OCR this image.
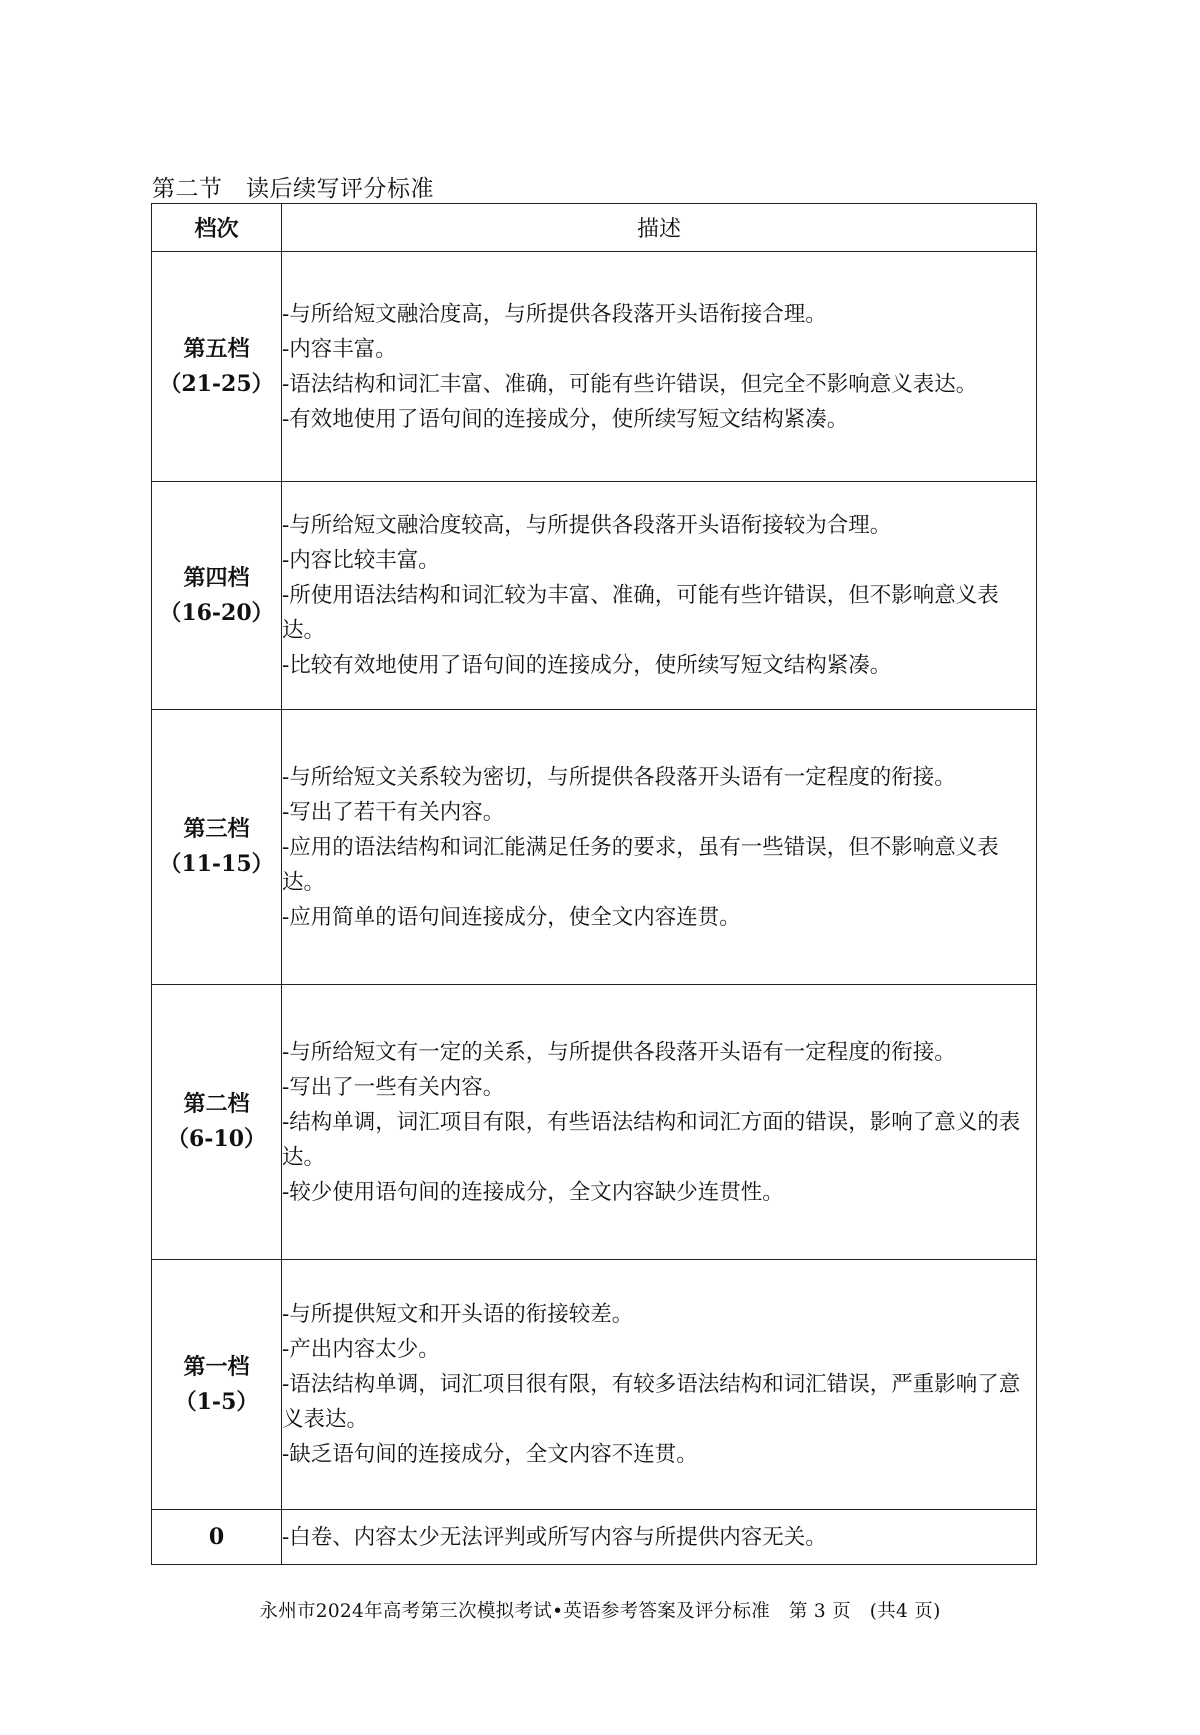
第二节　读后续写评分标准
档次	描述

第五档
（21-25）	-与所给短文融洽度高，与所提供各段落开头语衔接合理。
-内容丰富。
-语法结构和词汇丰富、准确，可能有些许错误，但完全不影响意义表达。
-有效地使用了语句间的连接成分，使所续写短文结构紧凑。

第四档
（16-20）	-与所给短文融洽度较高，与所提供各段落开头语衔接较为合理。
-内容比较丰富。
-所使用语法结构和词汇较为丰富、准确，可能有些许错误，但不影响意义表达。
-比较有效地使用了语句间的连接成分，使所续写短文结构紧凑。

第三档
（11-15）	-与所给短文关系较为密切，与所提供各段落开头语有一定程度的衔接。
-写出了若干有关内容。
-应用的语法结构和词汇能满足任务的要求，虽有一些错误，但不影响意义表达。
-应用简单的语句间连接成分，使全文内容连贯。

第二档
（6-10）	-与所给短文有一定的关系，与所提供各段落开头语有一定程度的衔接。
-写出了一些有关内容。
-结构单调，词汇项目有限，有些语法结构和词汇方面的错误，影响了意义的表达。
-较少使用语句间的连接成分，全文内容缺少连贯性。

第一档
（1-5）	-与所提供短文和开头语的衔接较差。
-产出内容太少。
-语法结构单调，词汇项目很有限，有较多语法结构和词汇错误，严重影响了意义表达。
-缺乏语句间的连接成分，全文内容不连贯。

0	-白卷、内容太少无法评判或所写内容与所提供内容无关。
永州市2024年高考第三次模拟考试•英语参考答案及评分标准　第 3 页　(共4 页)
